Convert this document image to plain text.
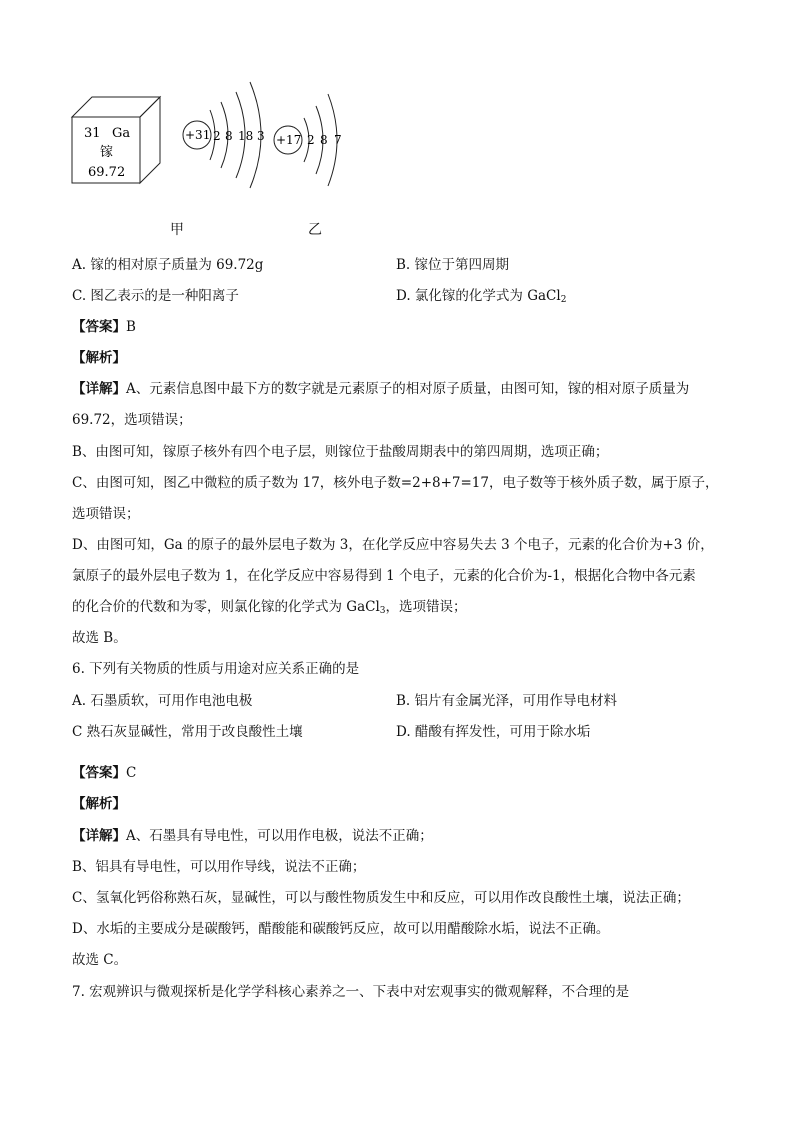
31 Ga
镓
69.72
+31 2 8 18 3 +17 2 8 7
甲	乙
A. 镓的相对原子质量为 69.72g	B. 镓位于第四周期
C. 图乙表示的是一种阳离子	D. 氯化镓的化学式为 GaCl$_2$
【答案】B
【解析】
【详解】A、元素信息图中最下方的数字就是元素原子的相对原子质量，由图可知，镓的相对原子质量为
69.72，选项错误；
B、由图可知，镓原子核外有四个电子层，则镓位于盐酸周期表中的第四周期，选项正确；
C、由图可知，图乙中微粒的质子数为 17，核外电子数=2+8+7=17，电子数等于核外质子数，属于原子，
选项错误；
D、由图可知，Ga 的原子的最外层电子数为 3，在化学反应中容易失去 3 个电子，元素的化合价为+3 价，
氯原子的最外层电子数为 1，在化学反应中容易得到 1 个电子，元素的化合价为-1，根据化合物中各元素
的化合价的代数和为零，则氯化镓的化学式为 GaCl$_3$，选项错误；
故选 B。
6. 下列有关物质的性质与用途对应关系正确的是
A. 石墨质软，可用作电池电极	B. 铝片有金属光泽，可用作导电材料
C 熟石灰显碱性，常用于改良酸性土壤	D. 醋酸有挥发性，可用于除水垢
【答案】C
【解析】
【详解】A、石墨具有导电性，可以用作电极，说法不正确；
B、铝具有导电性，可以用作导线，说法不正确；
C、氢氧化钙俗称熟石灰，显碱性，可以与酸性物质发生中和反应，可以用作改良酸性土壤，说法正确；
D、水垢的主要成分是碳酸钙，醋酸能和碳酸钙反应，故可以用醋酸除水垢，说法不正确。
故选 C。
7. 宏观辨识与微观探析是化学学科核心素养之一、下表中对宏观事实的微观解释，不合理的是
